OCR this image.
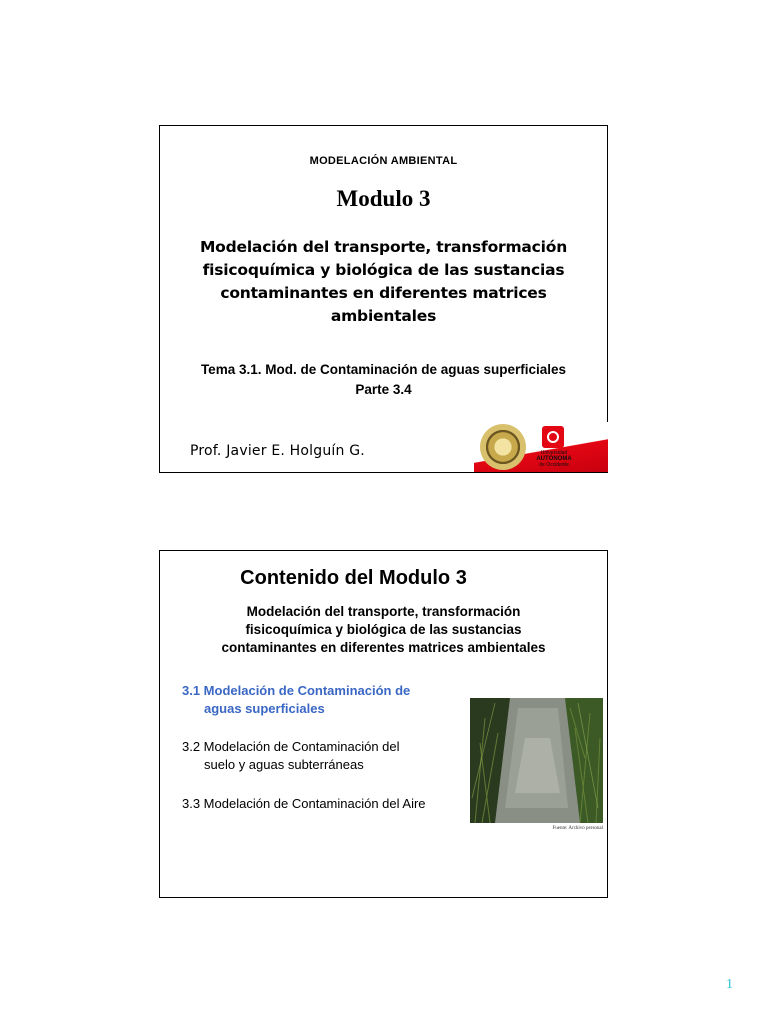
MODELACIÓN AMBIENTAL
Modulo 3
Modelación del transporte, transformación
fisicoquímica y biológica de las sustancias
contaminantes en diferentes matrices
ambientales
Tema 3.1. Mod. de Contaminación de aguas superficiales
Parte 3.4
Prof. Javier E. Holguín G.	Universidad
AUTÓNOMA
de Occidente
Contenido del Modulo 3
Modelación del transporte, transformación
fisicoquímica y biológica de las sustancias
contaminantes en diferentes matrices ambientales
3.1 Modelación de Contaminación de
aguas superficiales
3.2 Modelación de Contaminación del
suelo y aguas subterráneas
3.3 Modelación de Contaminación del Aire
Fuente: Archivo personal
1
